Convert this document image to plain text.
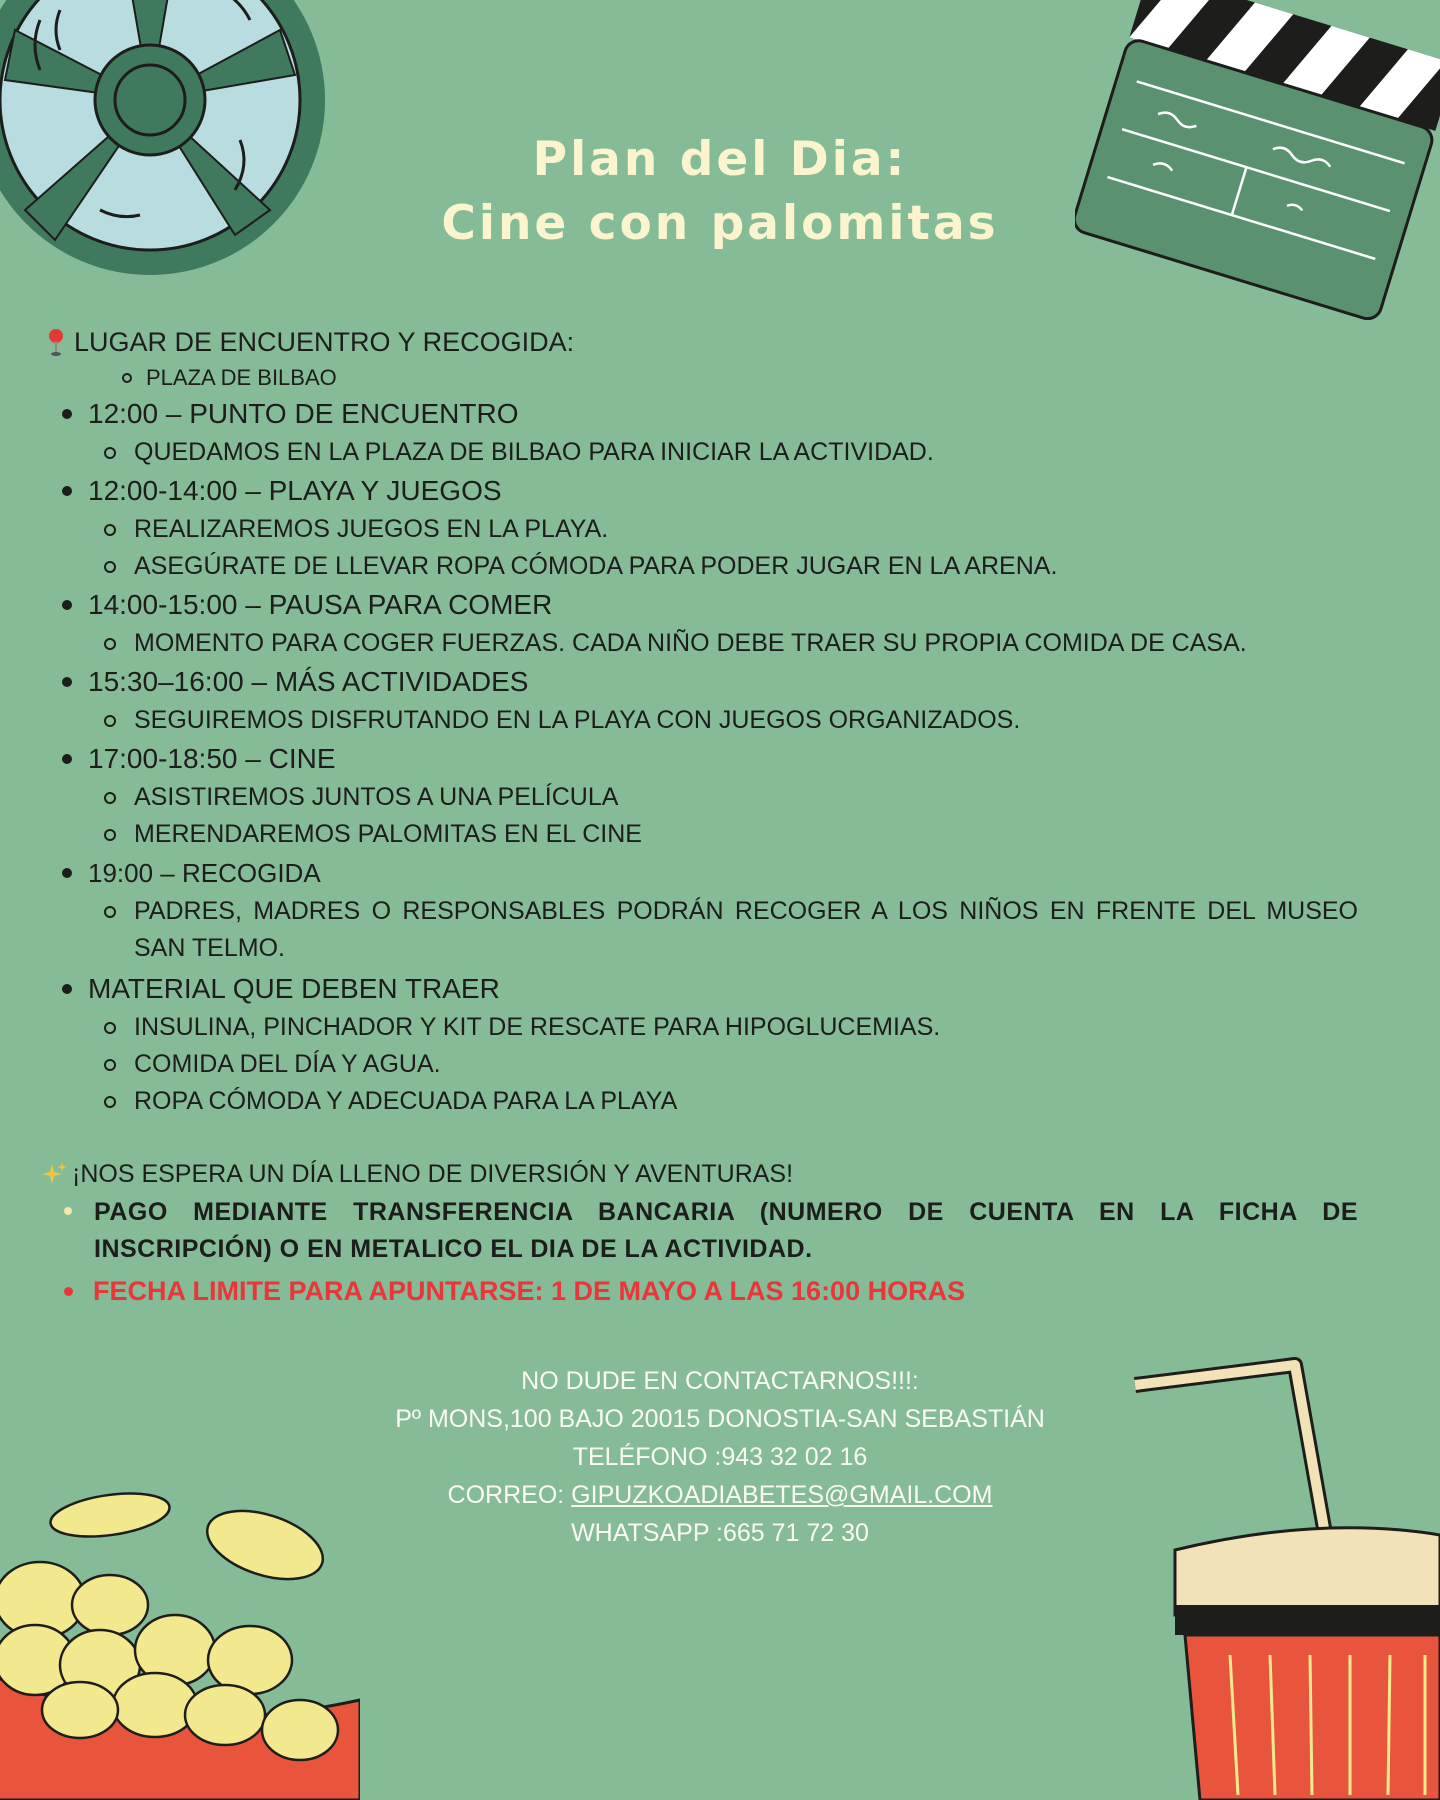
Plan del Dia:
Cine con palomitas
LUGAR DE ENCUENTRO Y RECOGIDA:
PLAZA DE BILBAO
12:00 – PUNTO DE ENCUENTRO
QUEDAMOS EN LA PLAZA DE BILBAO PARA INICIAR LA ACTIVIDAD.
12:00-14:00 – PLAYA Y JUEGOS
REALIZAREMOS JUEGOS EN LA PLAYA.
ASEGÚRATE DE LLEVAR ROPA CÓMODA PARA PODER JUGAR EN LA ARENA.
14:00-15:00 – PAUSA PARA COMER
MOMENTO PARA COGER FUERZAS. CADA NIÑO DEBE TRAER SU PROPIA COMIDA DE CASA.
15:30–16:00 – MÁS ACTIVIDADES
SEGUIREMOS DISFRUTANDO EN LA PLAYA CON JUEGOS ORGANIZADOS.
17:00-18:50 – CINE
ASISTIREMOS JUNTOS A UNA PELÍCULA
MERENDAREMOS PALOMITAS EN EL CINE
19:00 – RECOGIDA
PADRES, MADRES O RESPONSABLES PODRÁN RECOGER A LOS NIÑOS EN FRENTE DEL MUSEO SAN TELMO.
MATERIAL QUE DEBEN TRAER
INSULINA, PINCHADOR Y KIT DE RESCATE PARA HIPOGLUCEMIAS.
COMIDA DEL DÍA Y AGUA.
ROPA CÓMODA Y ADECUADA PARA LA PLAYA
¡NOS ESPERA UN DÍA LLENO DE DIVERSIÓN Y AVENTURAS!
PAGO MEDIANTE TRANSFERENCIA BANCARIA (NUMERO DE CUENTA EN LA FICHA DE INSCRIPCIÓN) O EN METALICO EL DIA DE LA ACTIVIDAD.
FECHA LIMITE PARA APUNTARSE: 1 DE MAYO A LAS 16:00 HORAS
NO DUDE EN CONTACTARNOS!!!:
Pº MONS,100 BAJO 20015 DONOSTIA-SAN SEBASTIÁN
TELÉFONO :943 32 02 16
CORREO: GIPUZKOADIABETES@GMAIL.COM
WHATSAPP :665 71 72 30
